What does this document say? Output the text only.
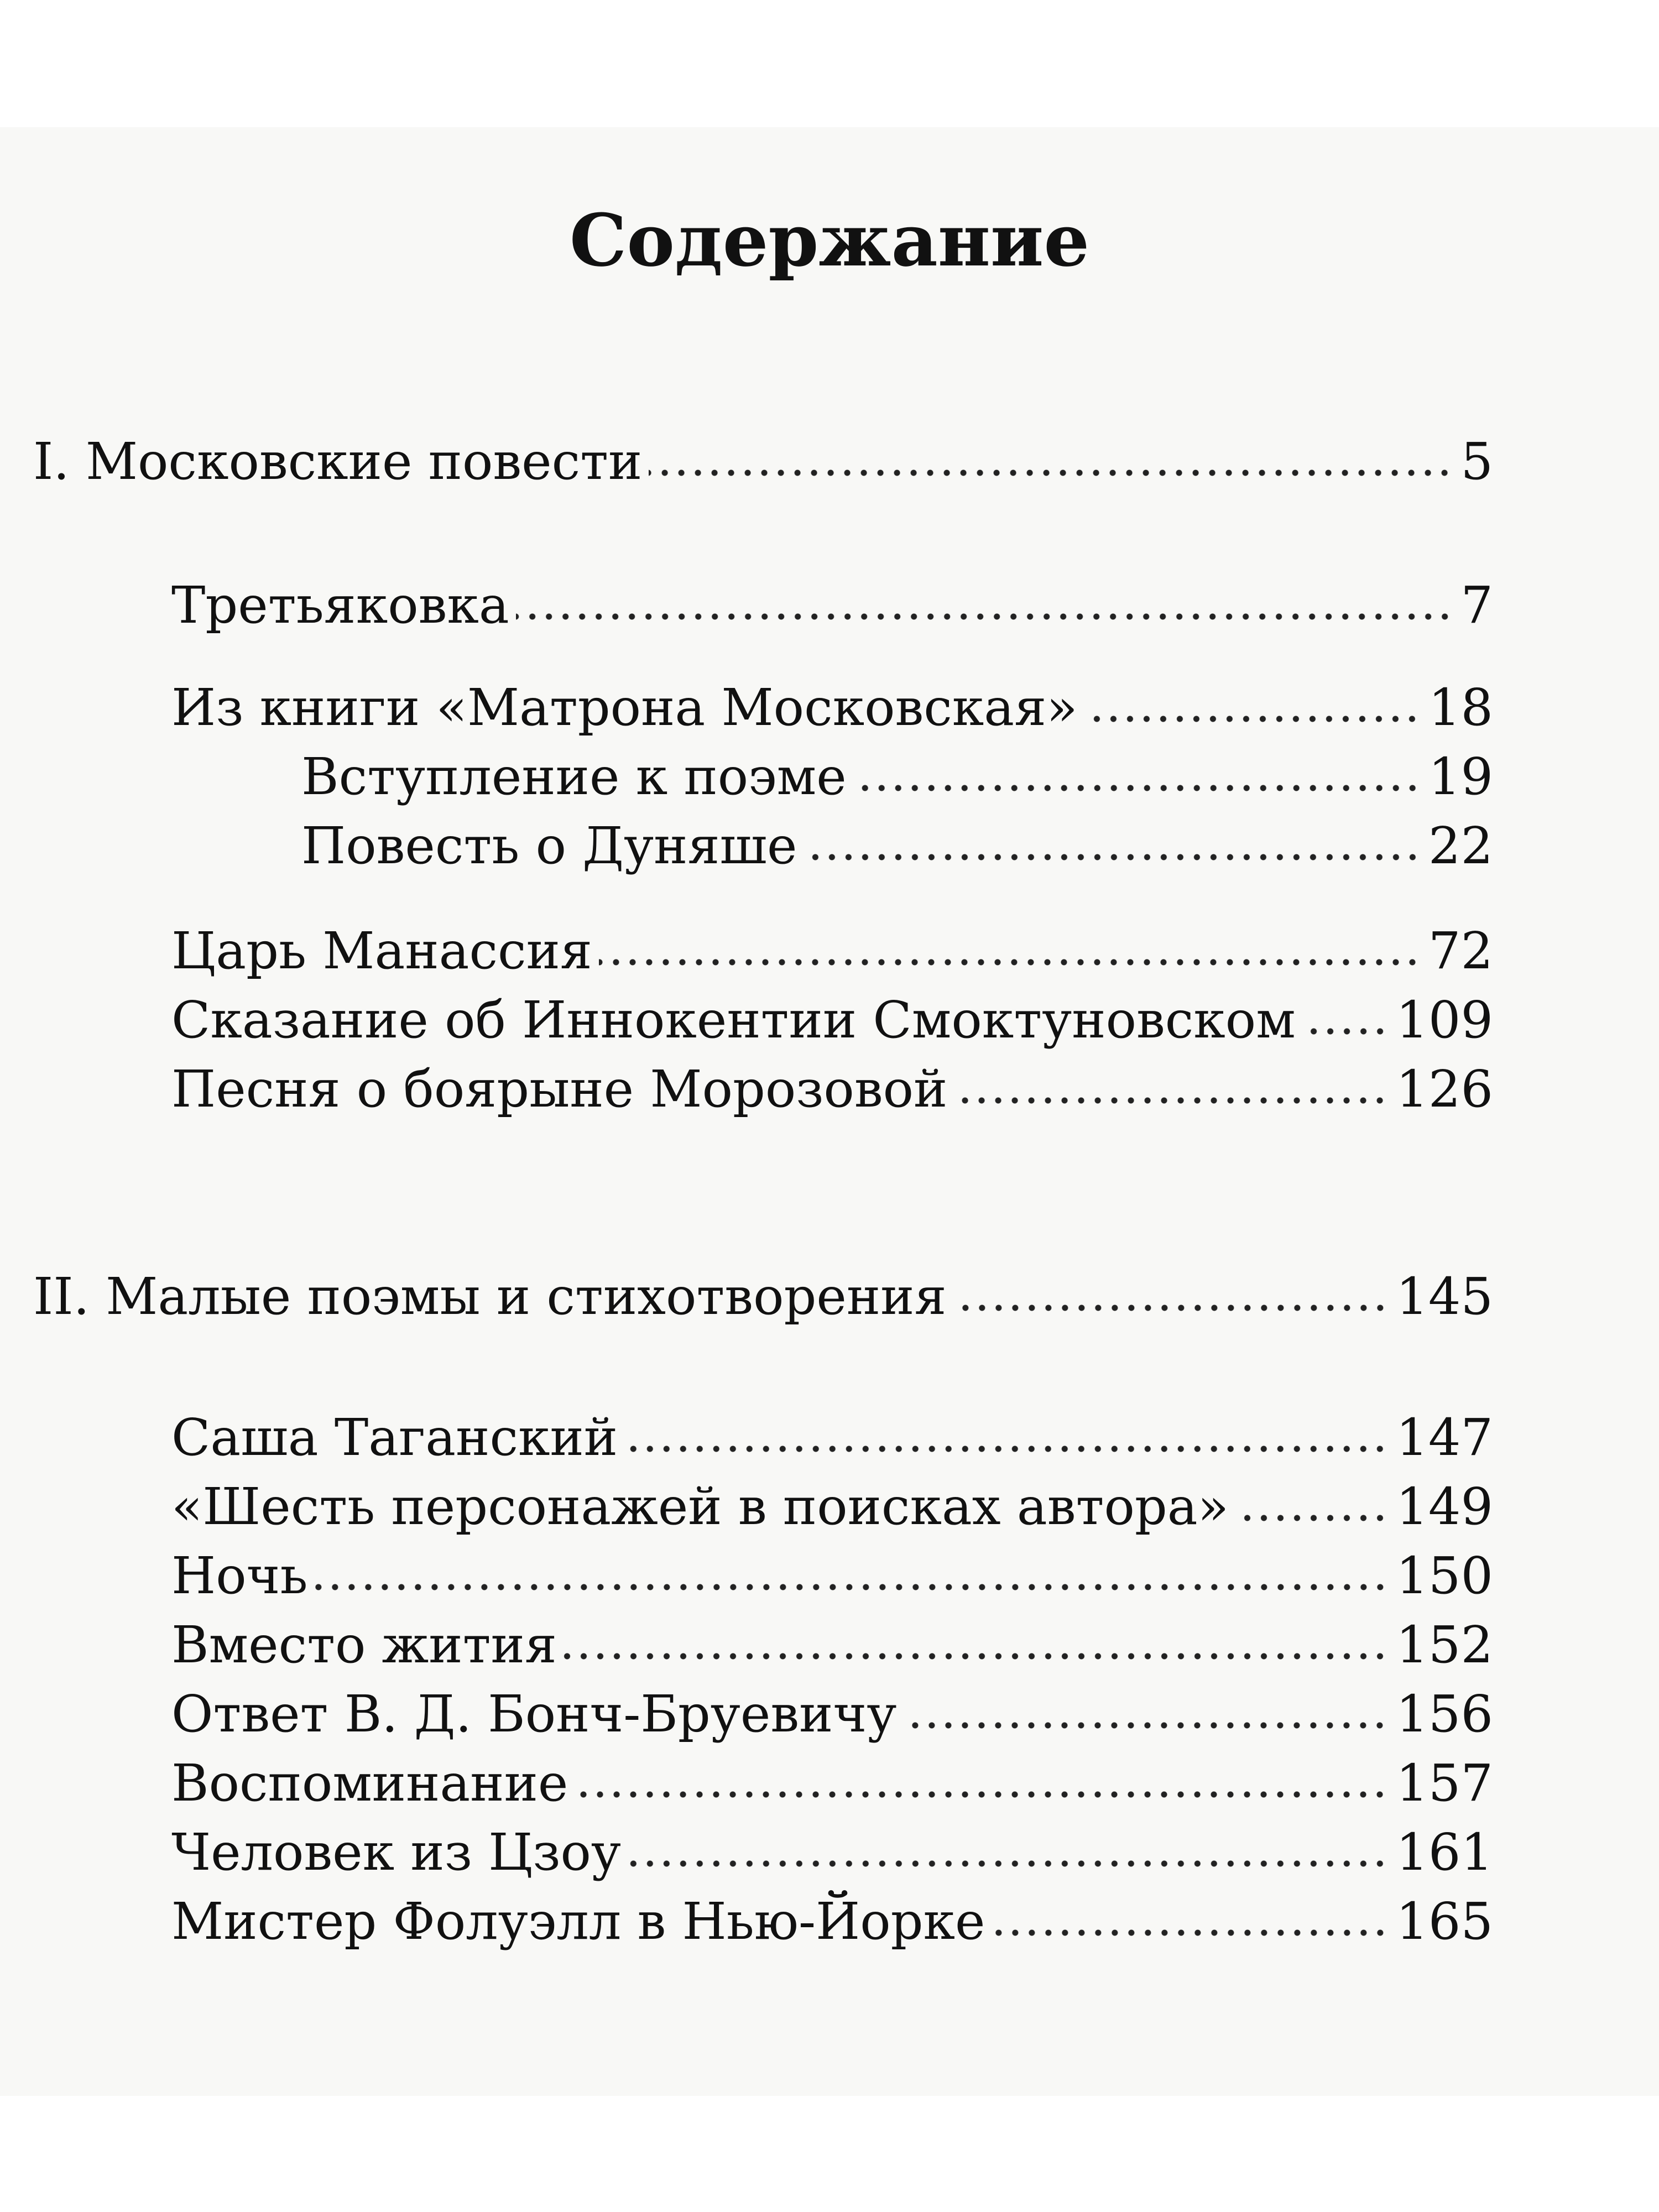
Содержание
I. Московские повести	5
Третьяковка	7
Из книги «Матрона Московская»	18
Вступление к поэме	19
Повесть о Дуняше	22
Царь Манассия	72
Сказание об Иннокентии Смоктуновском 109
Песня о боярыне Морозовой	126
II. Малые поэмы и стихотворения	145
Саша Таганский	147
«Шесть персонажей в поисках автора»	149
Ночь	150
Вместо жития	152
Ответ В. Д. Бонч-Бруевичу	156
Воспоминание	157
Человек из Цзоу	161
Мистер Фолуэлл в Нью-Йорке	165
